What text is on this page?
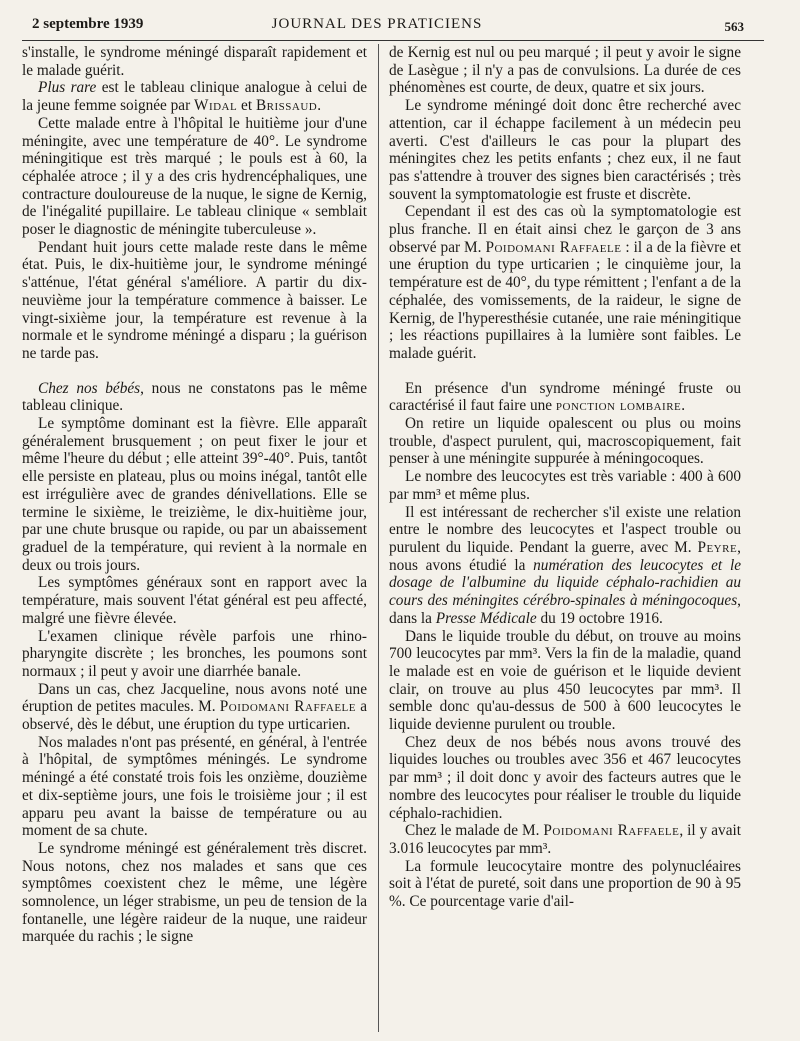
2 septembre 1939	JOURNAL DES PRATICIENS	563

s'installe, le syndrome méningé disparaît rapidement et le malade guérit.

Plus rare est le tableau clinique analogue à celui de la jeune femme soignée par Widal et Brissaud.

Cette malade entre à l'hôpital le huitième jour d'une méningite, avec une température de 40°. Le syndrome méningitique est très marqué ; le pouls est à 60, la céphalée atroce ; il y a des cris hydrencéphaliques, une contracture douloureuse de la nuque, le signe de Kernig, de l'inégalité pupillaire. Le tableau clinique « semblait poser le diagnostic de méningite tuberculeuse ».

Pendant huit jours cette malade reste dans le même état. Puis, le dix-huitième jour, le syndrome méningé s'atténue, l'état général s'améliore. A partir du dix-neuvième jour la température commence à baisser. Le vingt-sixième jour, la température est revenue à la normale et le syndrome méningé a disparu ; la guérison ne tarde pas.

Chez nos bébés, nous ne constatons pas le même tableau clinique.

Le symptôme dominant est la fièvre. Elle apparaît généralement brusquement ; on peut fixer le jour et même l'heure du début ; elle atteint 39°-40°. Puis, tantôt elle persiste en plateau, plus ou moins inégal, tantôt elle est irrégulière avec de grandes dénivellations. Elle se termine le sixième, le treizième, le dix-huitième jour, par une chute brusque ou rapide, ou par un abaissement graduel de la température, qui revient à la normale en deux ou trois jours.

Les symptômes généraux sont en rapport avec la température, mais souvent l'état général est peu affecté, malgré une fièvre élevée.

L'examen clinique révèle parfois une rhino-pharyngite discrète ; les bronches, les poumons sont normaux ; il peut y avoir une diarrhée banale.

Dans un cas, chez Jacqueline, nous avons noté une éruption de petites macules. M. Poidomani Raffaele a observé, dès le début, une éruption du type urticarien.

Nos malades n'ont pas présenté, en général, à l'entrée à l'hôpital, de symptômes méningés. Le syndrome méningé a été constaté trois fois les onzième, douzième et dix-septième jours, une fois le troisième jour ; il est apparu peu avant la baisse de température ou au moment de sa chute.

Le syndrome méningé est généralement très discret. Nous notons, chez nos malades et sans que ces symptômes coexistent chez le même, une légère somnolence, un léger strabisme, un peu de tension de la fontanelle, une légère raideur de la nuque, une raideur marquée du rachis ; le signe

de Kernig est nul ou peu marqué ; il peut y avoir le signe de Lasègue ; il n'y a pas de convulsions. La durée de ces phénomènes est courte, de deux, quatre et six jours.

Le syndrome méningé doit donc être recherché avec attention, car il échappe facilement à un médecin peu averti. C'est d'ailleurs le cas pour la plupart des méningites chez les petits enfants ; chez eux, il ne faut pas s'attendre à trouver des signes bien caractérisés ; très souvent la symptomatologie est fruste et discrète.

Cependant il est des cas où la symptomatologie est plus franche. Il en était ainsi chez le garçon de 3 ans observé par M. Poidomani Raffaele : il a de la fièvre et une éruption du type urticarien ; le cinquième jour, la température est de 40°, du type rémittent ; l'enfant a de la céphalée, des vomissements, de la raideur, le signe de Kernig, de l'hyperesthésie cutanée, une raie méningitique ; les réactions pupillaires à la lumière sont faibles. Le malade guérit.

En présence d'un syndrome méningé fruste ou caractérisé il faut faire une ponction lombaire.

On retire un liquide opalescent ou plus ou moins trouble, d'aspect purulent, qui, macroscopiquement, fait penser à une méningite suppurée à méningocoques.

Le nombre des leucocytes est très variable : 400 à 600 par mm³ et même plus.

Il est intéressant de rechercher s'il existe une relation entre le nombre des leucocytes et l'aspect trouble ou purulent du liquide. Pendant la guerre, avec M. Peyre, nous avons étudié la numération des leucocytes et le dosage de l'albumine du liquide céphalo-rachidien au cours des méningites cérébro-spinales à méningocoques, dans la Presse Médicale du 19 octobre 1916.

Dans le liquide trouble du début, on trouve au moins 700 leucocytes par mm³. Vers la fin de la maladie, quand le malade est en voie de guérison et le liquide devient clair, on trouve au plus 450 leucocytes par mm³. Il semble donc qu'au-dessus de 500 à 600 leucocytes le liquide devienne purulent ou trouble.

Chez deux de nos bébés nous avons trouvé des liquides louches ou troubles avec 356 et 467 leucocytes par mm³ ; il doit donc y avoir des facteurs autres que le nombre des leucocytes pour réaliser le trouble du liquide céphalo-rachidien.

Chez le malade de M. Poidomani Raffaele, il y avait 3.016 leucocytes par mm³.

La formule leucocytaire montre des polynucléaires soit à l'état de pureté, soit dans une proportion de 90 à 95 %. Ce pourcentage varie d'ail-
